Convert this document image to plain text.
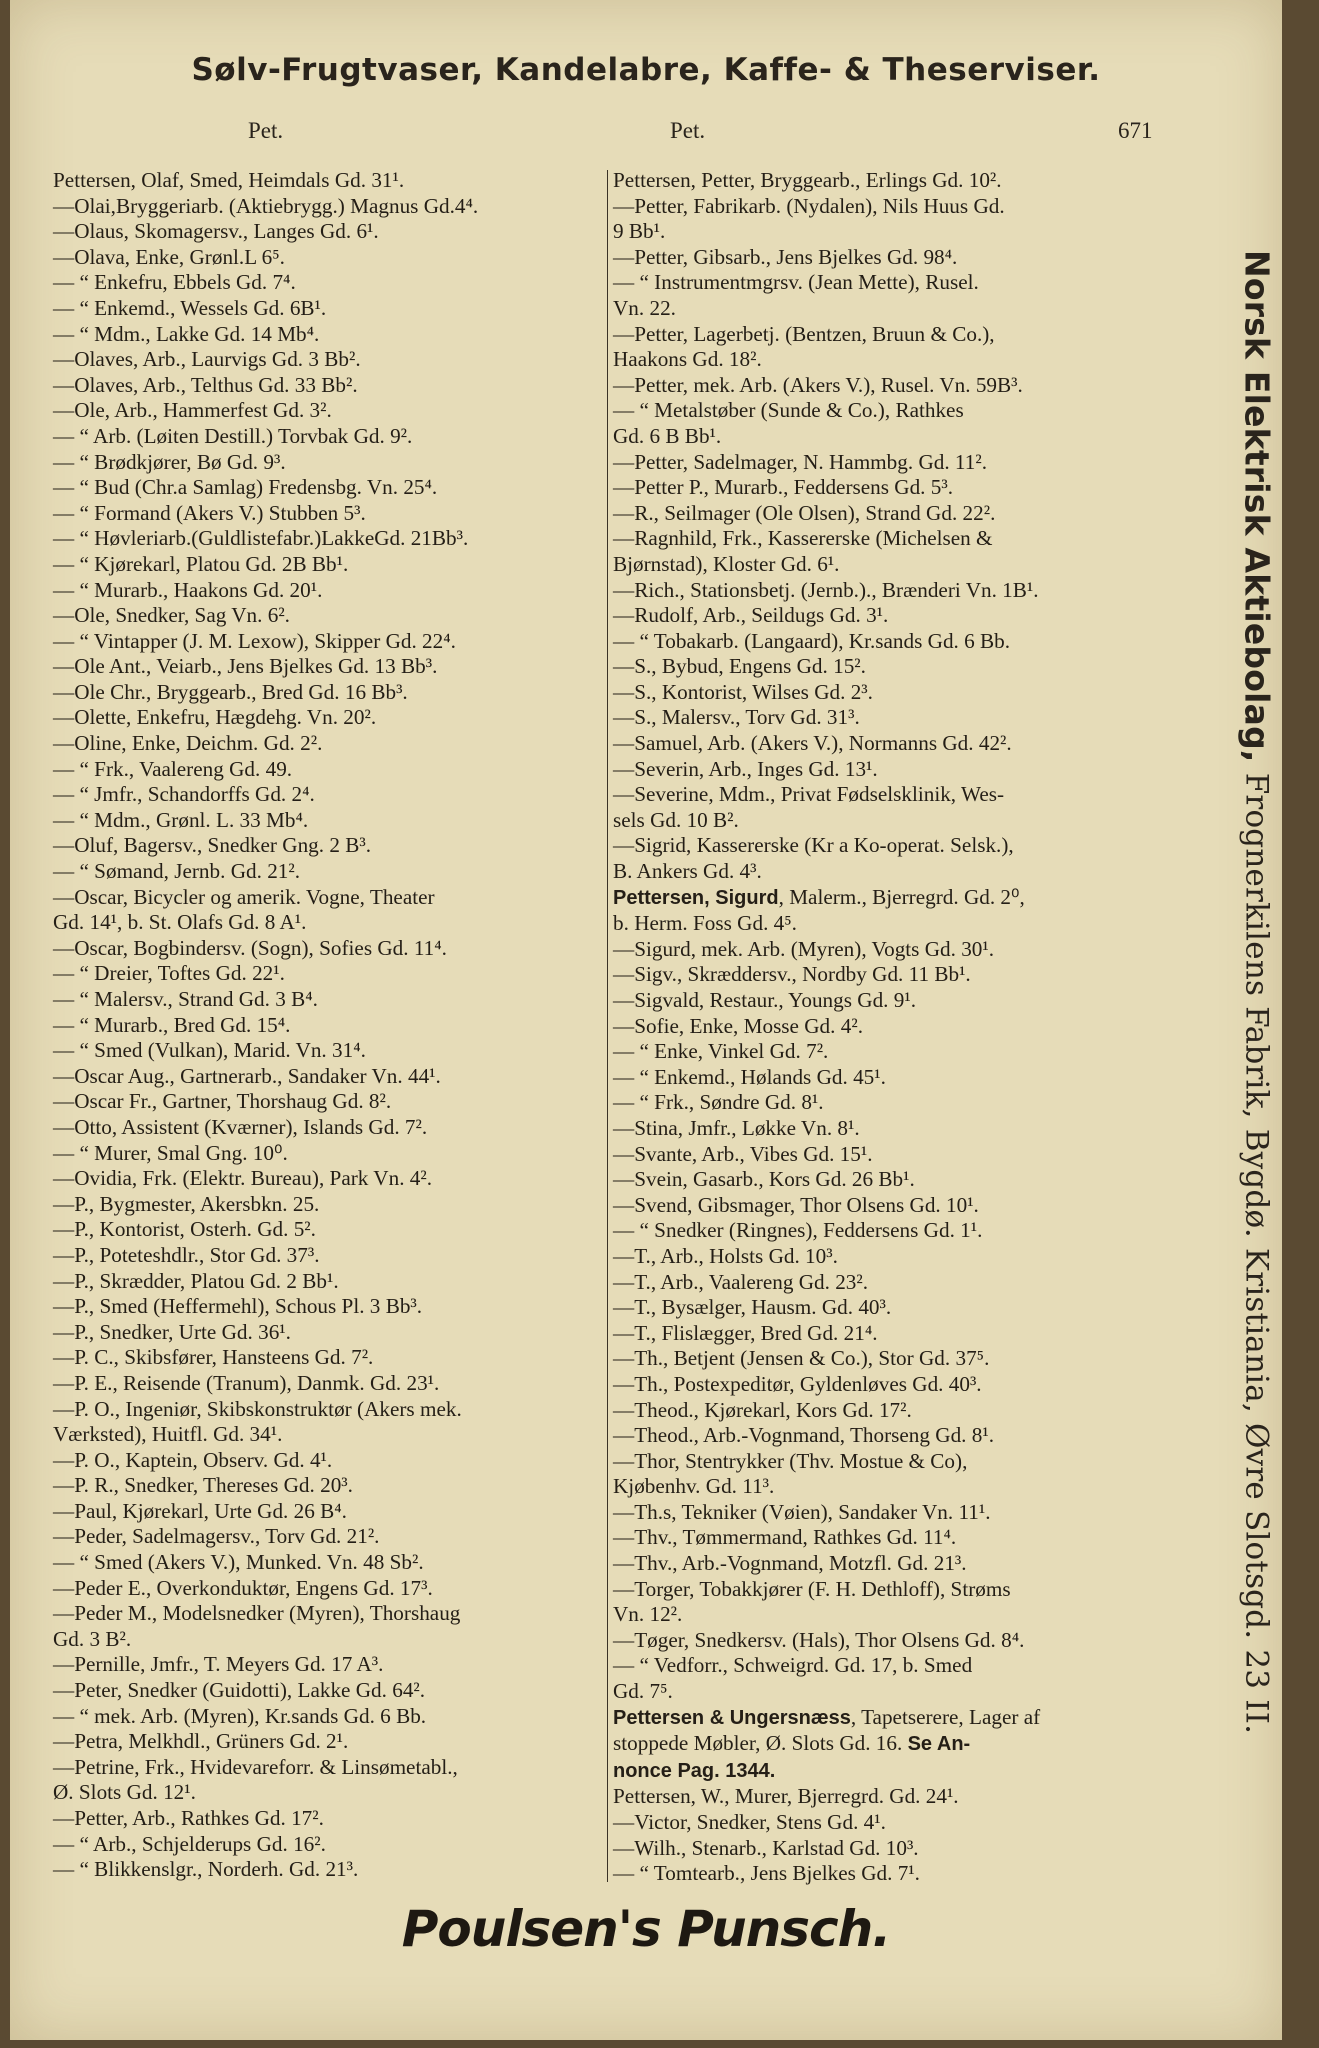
Sølv-Frugtvaser, Kandelabre, Kaffe- & Theserviser.
Pet.	Pet.	671
Pettersen, Olaf, Smed, Heimdals Gd. 31¹.
—Olai,Bryggeriarb. (Aktiebrygg.) Magnus Gd.4⁴.
—Olaus, Skomagersv., Langes Gd. 6¹.
—Olava, Enke, Grønl.L 6⁵.
— “ Enkefru, Ebbels Gd. 7⁴.
— “ Enkemd., Wessels Gd. 6B¹.
— “ Mdm., Lakke Gd. 14 Mb⁴.
—Olaves, Arb., Laurvigs Gd. 3 Bb².
—Olaves, Arb., Telthus Gd. 33 Bb².
—Ole, Arb., Hammerfest Gd. 3².
— “ Arb. (Løiten Destill.) Torvbak Gd. 9².
— “ Brødkjører, Bø Gd. 9³.
— “ Bud (Chr.a Samlag) Fredensbg. Vn. 25⁴.
— “ Formand (Akers V.) Stubben 5³.
— “ Høvleriarb.(Guldlistefabr.)LakkeGd. 21Bb³.
— “ Kjørekarl, Platou Gd. 2B Bb¹.
— “ Murarb., Haakons Gd. 20¹.
—Ole, Snedker, Sag Vn. 6².
— “ Vintapper (J. M. Lexow), Skipper Gd. 22⁴.
—Ole Ant., Veiarb., Jens Bjelkes Gd. 13 Bb³.
—Ole Chr., Bryggearb., Bred Gd. 16 Bb³.
—Olette, Enkefru, Hægdehg. Vn. 20².
—Oline, Enke, Deichm. Gd. 2².
— “ Frk., Vaalereng Gd. 49.
— “ Jmfr., Schandorffs Gd. 2⁴.
— “ Mdm., Grønl. L. 33 Mb⁴.
—Oluf, Bagersv., Snedker Gng. 2 B³.
— “ Sømand, Jernb. Gd. 21².
—Oscar, Bicycler og amerik. Vogne, Theater
Gd. 14¹, b. St. Olafs Gd. 8 A¹.
—Oscar, Bogbindersv. (Sogn), Sofies Gd. 11⁴.
— “ Dreier, Toftes Gd. 22¹.
— “ Malersv., Strand Gd. 3 B⁴.
— “ Murarb., Bred Gd. 15⁴.
— “ Smed (Vulkan), Marid. Vn. 31⁴.
—Oscar Aug., Gartnerarb., Sandaker Vn. 44¹.
—Oscar Fr., Gartner, Thorshaug Gd. 8².
—Otto, Assistent (Kværner), Islands Gd. 7².
— “ Murer, Smal Gng. 10⁰.
—Ovidia, Frk. (Elektr. Bureau), Park Vn. 4².
—P., Bygmester, Akersbkn. 25.
—P., Kontorist, Osterh. Gd. 5².
—P., Poteteshdlr., Stor Gd. 37³.
—P., Skrædder, Platou Gd. 2 Bb¹.
—P., Smed (Heffermehl), Schous Pl. 3 Bb³.
—P., Snedker, Urte Gd. 36¹.
—P. C., Skibsfører, Hansteens Gd. 7².
—P. E., Reisende (Tranum), Danmk. Gd. 23¹.
—P. O., Ingeniør, Skibskonstruktør (Akers mek.
Værksted), Huitfl. Gd. 34¹.
—P. O., Kaptein, Observ. Gd. 4¹.
—P. R., Snedker, Thereses Gd. 20³.
—Paul, Kjørekarl, Urte Gd. 26 B⁴.
—Peder, Sadelmagersv., Torv Gd. 21².
— “ Smed (Akers V.), Munked. Vn. 48 Sb².
—Peder E., Overkonduktør, Engens Gd. 17³.
—Peder M., Modelsnedker (Myren), Thorshaug
Gd. 3 B².
—Pernille, Jmfr., T. Meyers Gd. 17 A³.
—Peter, Snedker (Guidotti), Lakke Gd. 64².
— “ mek. Arb. (Myren), Kr.sands Gd. 6 Bb.
—Petra, Melkhdl., Grüners Gd. 2¹.
—Petrine, Frk., Hvidevareforr. & Linsømetabl.,
Ø. Slots Gd. 12¹.
—Petter, Arb., Rathkes Gd. 17².
— “ Arb., Schjelderups Gd. 16².
— “ Blikkenslgr., Norderh. Gd. 21³.
Pettersen, Petter, Bryggearb., Erlings Gd. 10².
—Petter, Fabrikarb. (Nydalen), Nils Huus Gd.
9 Bb¹.
—Petter, Gibsarb., Jens Bjelkes Gd. 98⁴.
— “ Instrumentmgrsv. (Jean Mette), Rusel.
Vn. 22.
—Petter, Lagerbetj. (Bentzen, Bruun & Co.),
Haakons Gd. 18².
—Petter, mek. Arb. (Akers V.), Rusel. Vn. 59B³.
— “ Metalstøber (Sunde & Co.), Rathkes
Gd. 6 B Bb¹.
—Petter, Sadelmager, N. Hammbg. Gd. 11².
—Petter P., Murarb., Feddersens Gd. 5³.
—R., Seilmager (Ole Olsen), Strand Gd. 22².
—Ragnhild, Frk., Kassererske (Michelsen &
Bjørnstad), Kloster Gd. 6¹.
—Rich., Stationsbetj. (Jernb.)., Brænderi Vn. 1B¹.
—Rudolf, Arb., Seildugs Gd. 3¹.
— “ Tobakarb. (Langaard), Kr.sands Gd. 6 Bb.
—S., Bybud, Engens Gd. 15².
—S., Kontorist, Wilses Gd. 2³.
—S., Malersv., Torv Gd. 31³.
—Samuel, Arb. (Akers V.), Normanns Gd. 42².
—Severin, Arb., Inges Gd. 13¹.
—Severine, Mdm., Privat Fødselsklinik, Wes-
sels Gd. 10 B².
—Sigrid, Kassererske (Kr a Ko-operat. Selsk.),
B. Ankers Gd. 4³.
Pettersen, Sigurd, Malerm., Bjerregrd. Gd. 2⁰,
b. Herm. Foss Gd. 4⁵.
—Sigurd, mek. Arb. (Myren), Vogts Gd. 30¹.
—Sigv., Skræddersv., Nordby Gd. 11 Bb¹.
—Sigvald, Restaur., Youngs Gd. 9¹.
—Sofie, Enke, Mosse Gd. 4².
— “ Enke, Vinkel Gd. 7².
— “ Enkemd., Hølands Gd. 45¹.
— “ Frk., Søndre Gd. 8¹.
—Stina, Jmfr., Løkke Vn. 8¹.
—Svante, Arb., Vibes Gd. 15¹.
—Svein, Gasarb., Kors Gd. 26 Bb¹.
—Svend, Gibsmager, Thor Olsens Gd. 10¹.
— “ Snedker (Ringnes), Feddersens Gd. 1¹.
—T., Arb., Holsts Gd. 10³.
—T., Arb., Vaalereng Gd. 23².
—T., Bysælger, Hausm. Gd. 40³.
—T., Flislægger, Bred Gd. 21⁴.
—Th., Betjent (Jensen & Co.), Stor Gd. 37⁵.
—Th., Postexpeditør, Gyldenløves Gd. 40³.
—Theod., Kjørekarl, Kors Gd. 17².
—Theod., Arb.-Vognmand, Thorseng Gd. 8¹.
—Thor, Stentrykker (Thv. Mostue & Co),
Kjøbenhv. Gd. 11³.
—Th.s, Tekniker (Vøien), Sandaker Vn. 11¹.
—Thv., Tømmermand, Rathkes Gd. 11⁴.
—Thv., Arb.-Vognmand, Motzfl. Gd. 21³.
—Torger, Tobakkjører (F. H. Dethloff), Strøms
Vn. 12².
—Tøger, Snedkersv. (Hals), Thor Olsens Gd. 8⁴.
— “ Vedforr., Schweigrd. Gd. 17, b. Smed
Gd. 7⁵.
Pettersen & Ungersnæss, Tapetserere, Lager af
stoppede Møbler, Ø. Slots Gd. 16. Se An-
nonce Pag. 1344.
Pettersen, W., Murer, Bjerregrd. Gd. 24¹.
—Victor, Snedker, Stens Gd. 4¹.
—Wilh., Stenarb., Karlstad Gd. 10³.
— “ Tomtearb., Jens Bjelkes Gd. 7¹.
Norsk Elektrisk Aktiebolag, Frognerkilens Fabrik, Bygdø. Kristiania, Øvre Slotsgd. 23 II.
Poulsen's Punsch.
